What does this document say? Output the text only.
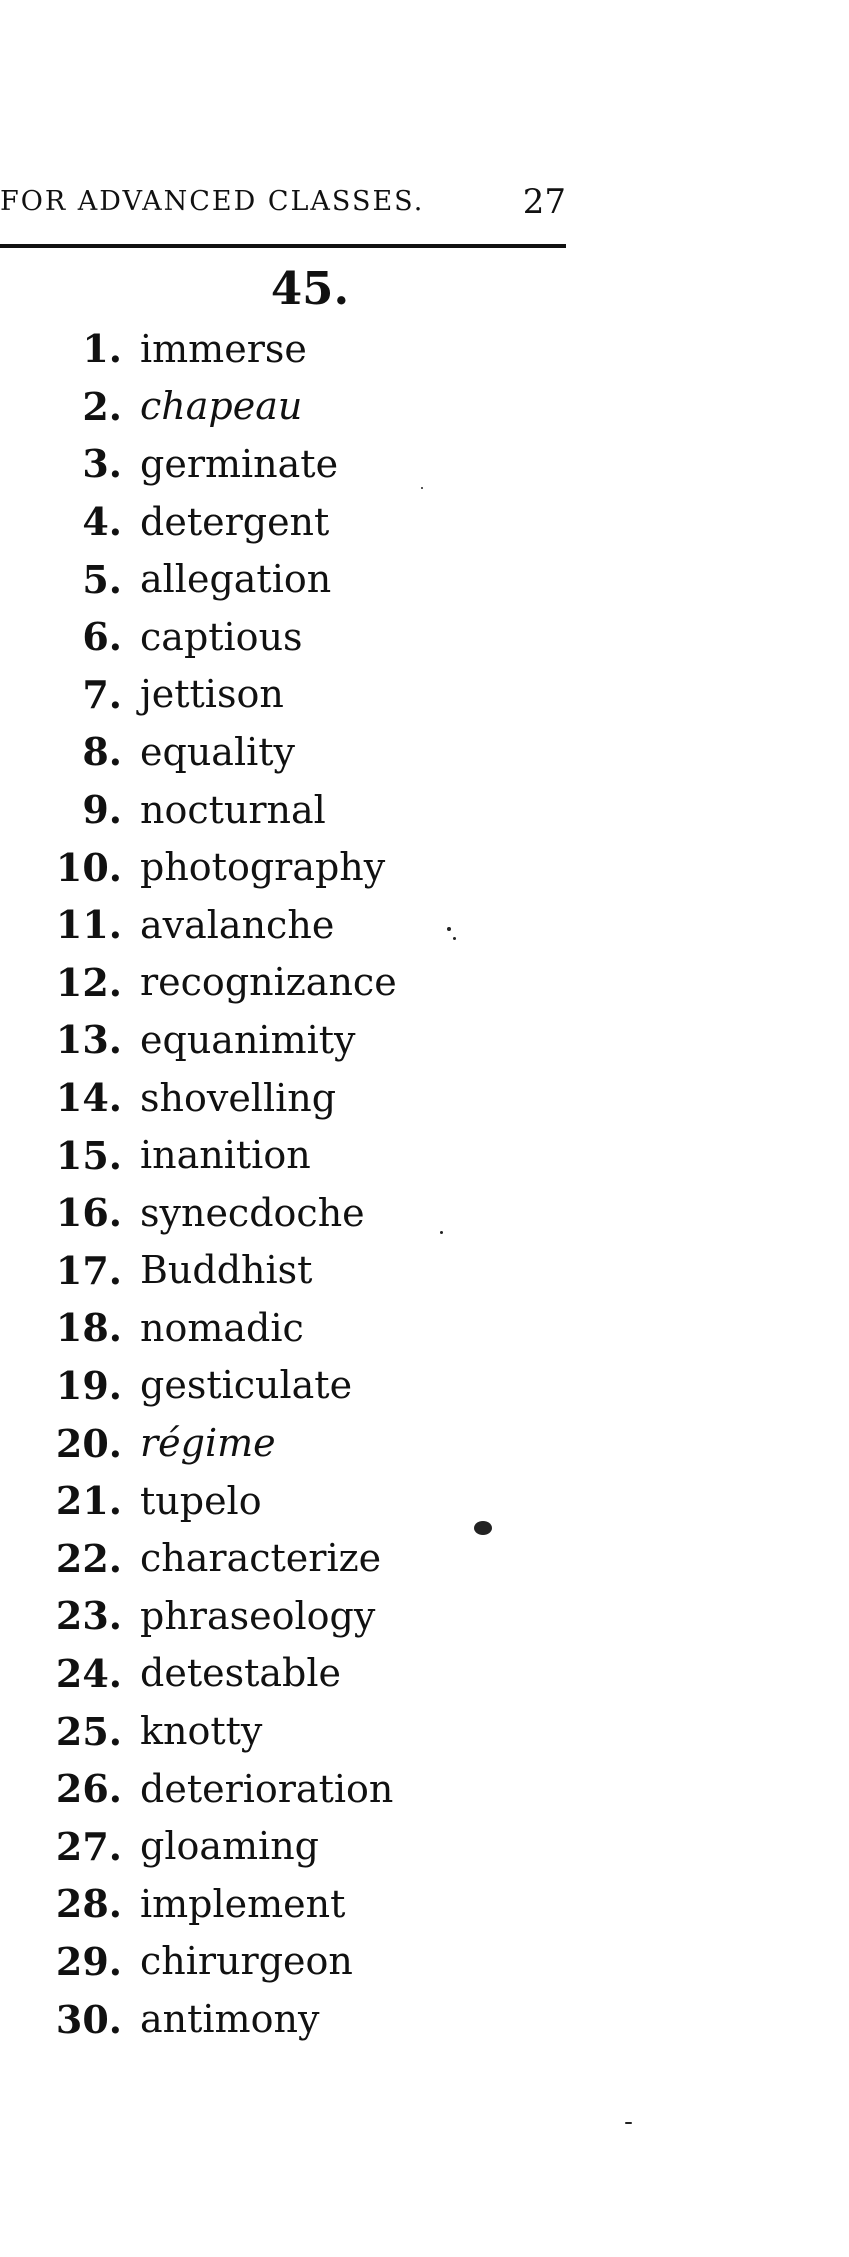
FOR ADVANCED CLASSES.	27
45.
1. immerse
2. chapeau
3. germinate
4. detergent
5. allegation
6. captious
7. jettison
8. equality
9. nocturnal
10. photography
11. avalanche
12. recognizance
13. equanimity
14. shovelling
15. inanition
16. synecdoche
17. Buddhist
18. nomadic
19. gesticulate
20. régime
21. tupelo
22. characterize
23. phraseology
24. detestable
25. knotty
26. deterioration
27. gloaming
28. implement
29. chirurgeon
30. antimony
